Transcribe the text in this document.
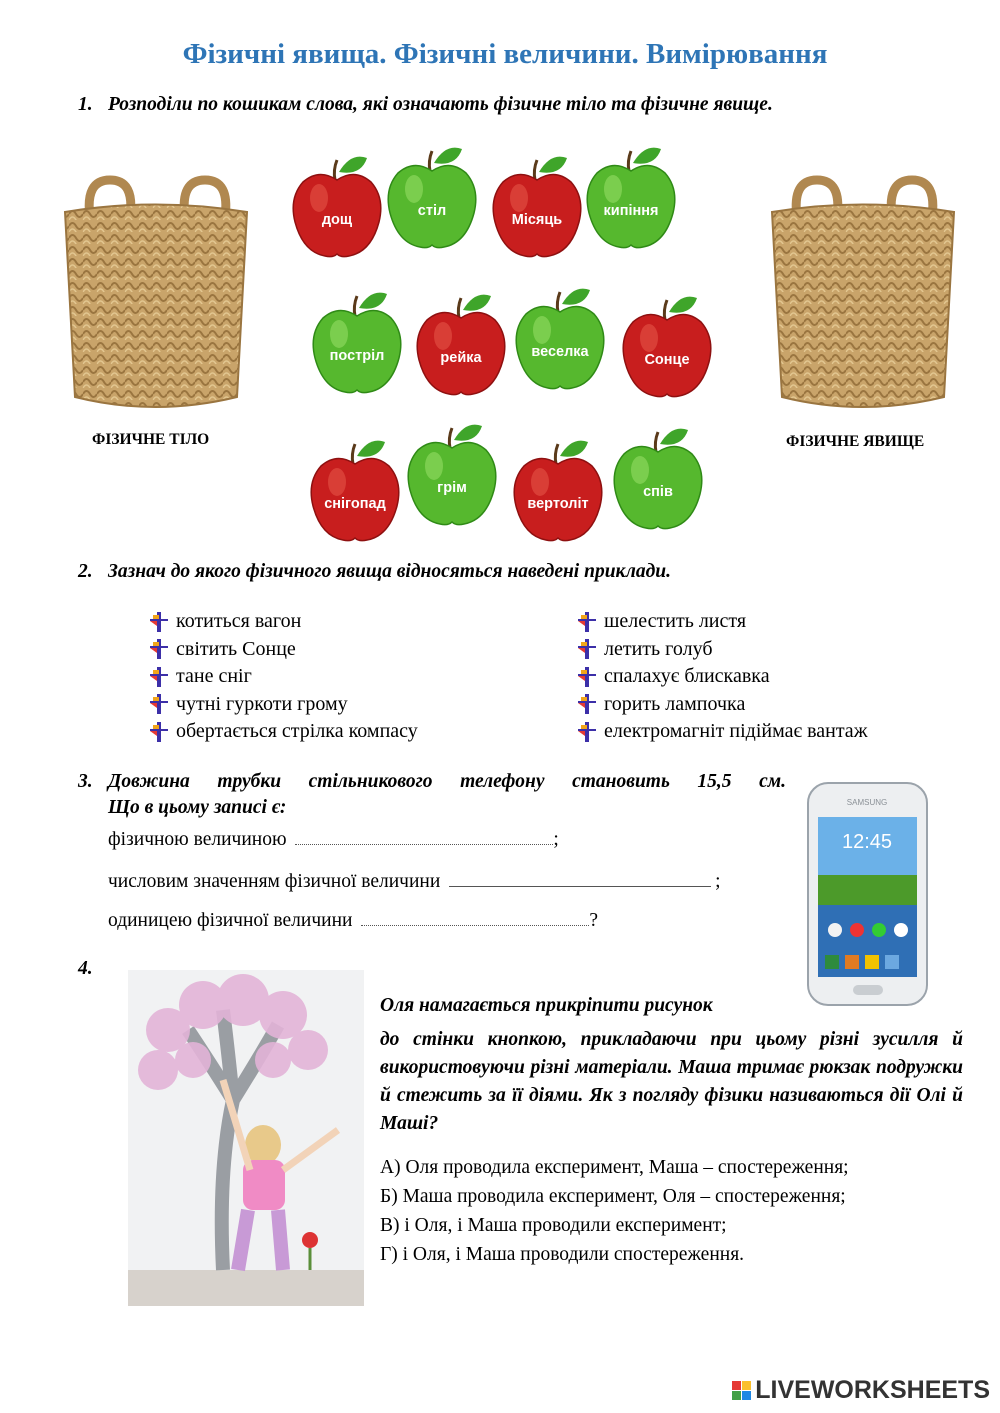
Фізичні явища. Фізичні величини. Вимірювання
1. Розподіли по кошикам слова, які означають фізичне тіло та фізичне явище.
ФІЗИЧНЕ ТІЛО	ФІЗИЧНЕ ЯВИЩЕ
дощ
стіл
Місяць
кипіння
постріл	рейка	веселка	Сонце
снігопад
грім
вертоліт
спів
2. Зазнач до якого фізичного явища відносяться наведені приклади.
котиться вагон
світить Сонце
тане сніг
чутні гуркоти грому
обертається стрілка компасу
шелестить листя
летить голуб
спалахує блискавка
горить лампочка
електромагніт підіймає вантаж
3. Довжина трубки стільникового телефону становить 15,5 см.
Що в цьому записі є:
фізичною величиною	;
числовим значенням фізичної величини	;
одиницею фізичної величини	?
SAMSUNG
12:45
4.
Оля намагається прикріпити рисунок
до стінки кнопкою, прикладаючи при цьому різні зусилля й використовуючи різні матеріали. Маша тримає рюкзак подружки й стежить за її діями. Як з погляду фізики називаються дії Олі й Маші?
А) Оля проводила експеримент, Маша – спостереження;
Б) Маша проводила експеримент, Оля – спостереження;
В) і Оля, і Маша проводили експеримент;
Г) і Оля, і Маша проводили спостереження.
LIVEWORKSHEETS
